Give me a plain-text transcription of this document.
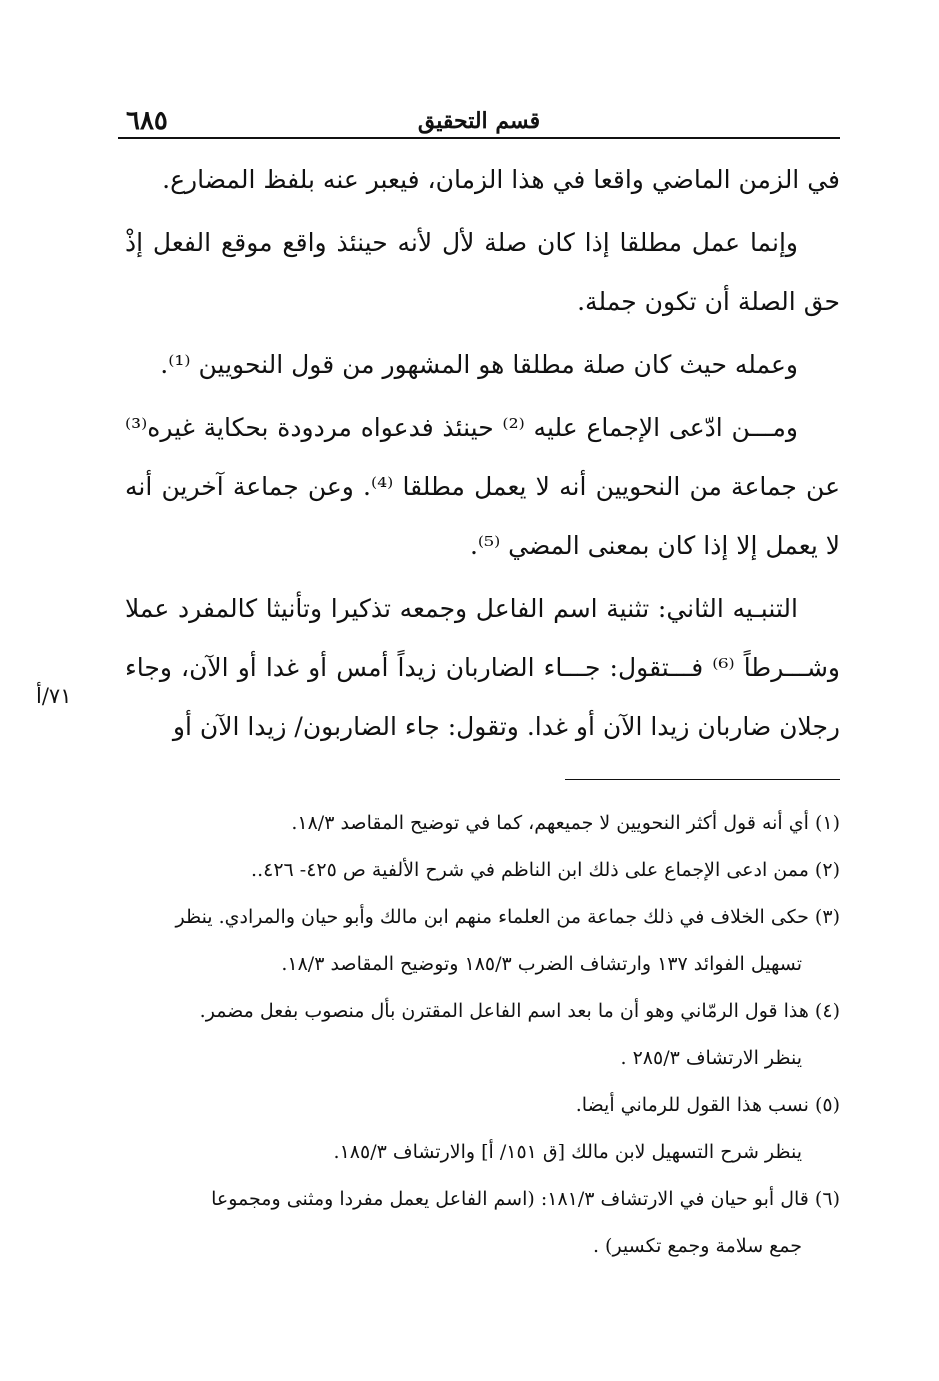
٦٨٥	قسم التحقيق

في الزمن الماضي واقعا في هذا الزمان، فيعبر عنه بلفظ المضارع.

وإنما عمل مطلقا إذا كان صلة لأل لأنه حينئذ واقع موقع الفعل إذْ حق الصلة أن تكون جملة.

وعمله حيث كان صلة مطلقا هو المشهور من قول النحويين ⁽¹⁾.

ومـــن ادّعى الإجماع عليه ⁽²⁾ حينئذ فدعواه مردودة بحكاية غيره⁽³⁾ عن جماعة من النحويين أنه لا يعمل مطلقا ⁽⁴⁾. وعن جماعة آخرين أنه لا يعمل إلا إذا كان بمعنى المضي ⁽⁵⁾.

التنبـيه الثاني: تثنية اسم الفاعل وجمعه تذكيرا وتأنيثا كالمفرد عملا وشـــرطاً ⁽⁶⁾ فـــتقول: جـــاء الضاربان زيداً أمس أو غدا أو الآن، وجاء رجلان ضاربان زيدا الآن أو غدا. وتقول: جاء الضاربون/ زيدا الآن أو

٧١/أ

(١) أي أنه قول أكثر النحويين لا جميعهم، كما في توضيح المقاصد ١٨/٣.

(٢) ممن ادعى الإجماع على ذلك ابن الناظم في شرح الألفية ص ٤٢٥- ٤٢٦..

(٣) حكى الخلاف في ذلك جماعة من العلماء منهم ابن مالك وأبو حيان والمرادي. ينظر

تسهيل الفوائد ١٣٧ وارتشاف الضرب ١٨٥/٣ وتوضيح المقاصد ١٨/٣.

(٤) هذا قول الرمّاني وهو أن ما بعد اسم الفاعل المقترن بأل منصوب بفعل مضمر.

ينظر الارتشاف ٢٨٥/٣ .

(٥) نسب هذا القول للرماني أيضا.

ينظر شرح التسهيل لابن مالك [ق ١٥١/ أ] والارتشاف ١٨٥/٣.

(٦) قال أبو حيان في الارتشاف ١٨١/٣: (اسم الفاعل يعمل مفردا ومثنى ومجموعا

جمع سلامة وجمع تكسير) .
